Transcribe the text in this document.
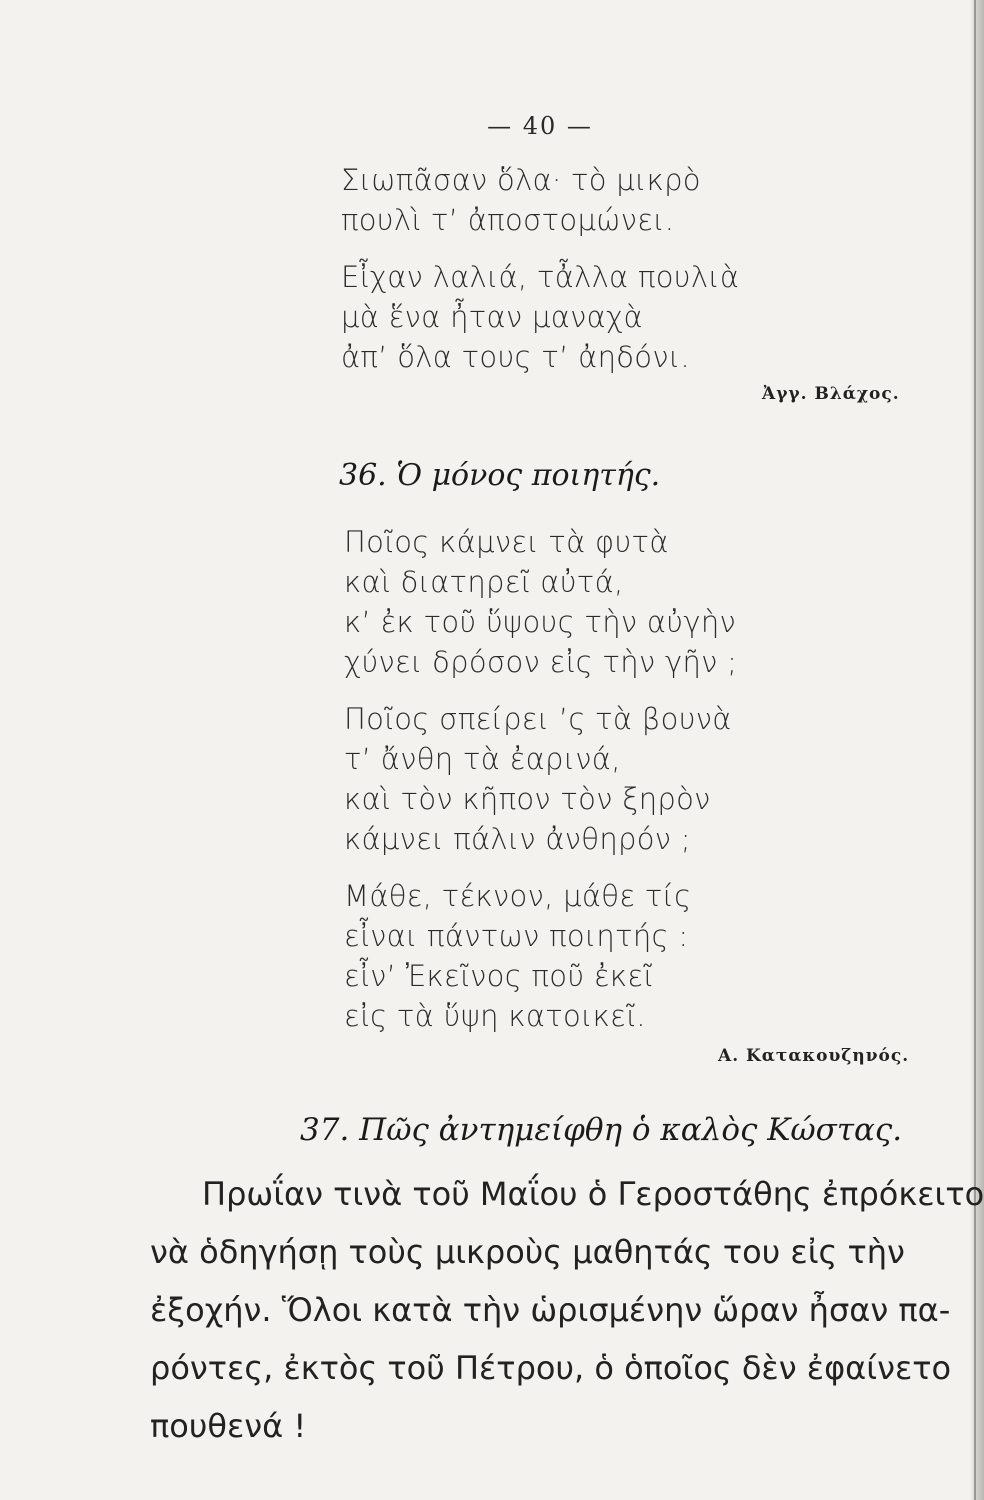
— 40 —
Σιωπᾶσαν ὅλα· τὸ μικρὸ
πουλὶ τ’ ἀποστομώνει.
Εἶχαν λαλιά, τἆλλα πουλιὰ
μὰ ἕνα ἦταν μαναχὰ
ἀπ’ ὅλα τους τ’ ἀηδόνι.
Ἀγγ. Βλάχος.
36. Ὁ μόνος ποιητής.
Ποῖος κάμνει τὰ φυτὰ
καὶ διατηρεῖ αὐτά,
κ’ ἐκ τοῦ ὕψους τὴν αὐγὴν
χύνει δρόσον εἰς τὴν γῆν ;
Ποῖος σπείρει ’ς τὰ βουνὰ
τ’ ἄνθη τὰ ἐαρινά,
καὶ τὸν κῆπον τὸν ξηρὸν
κάμνει πάλιν ἀνθηρόν ;
Μάθε, τέκνον, μάθε τίς
εἶναι πάντων ποιητής :
εἶν’ Ἐκεῖνος ποῦ ἐκεῖ
εἰς τὰ ὕψη κατοικεῖ.
Α. Κατακουζηνός.
37. Πῶς ἀντημείφθη ὁ καλὸς Κώστας.
Πρωΐαν τινὰ τοῦ Μαΐου ὁ Γεροστάθης ἐπρόκειτο
νὰ ὁδηγήσῃ τοὺς μικροὺς μαθητάς του εἰς τὴν
ἐξοχήν. Ὅλοι κατὰ τὴν ὡρισμένην ὥραν ἦσαν πα-
ρόντες, ἐκτὸς τοῦ Πέτρου, ὁ ὁποῖος δὲν ἐφαίνετο
πουθενά !
